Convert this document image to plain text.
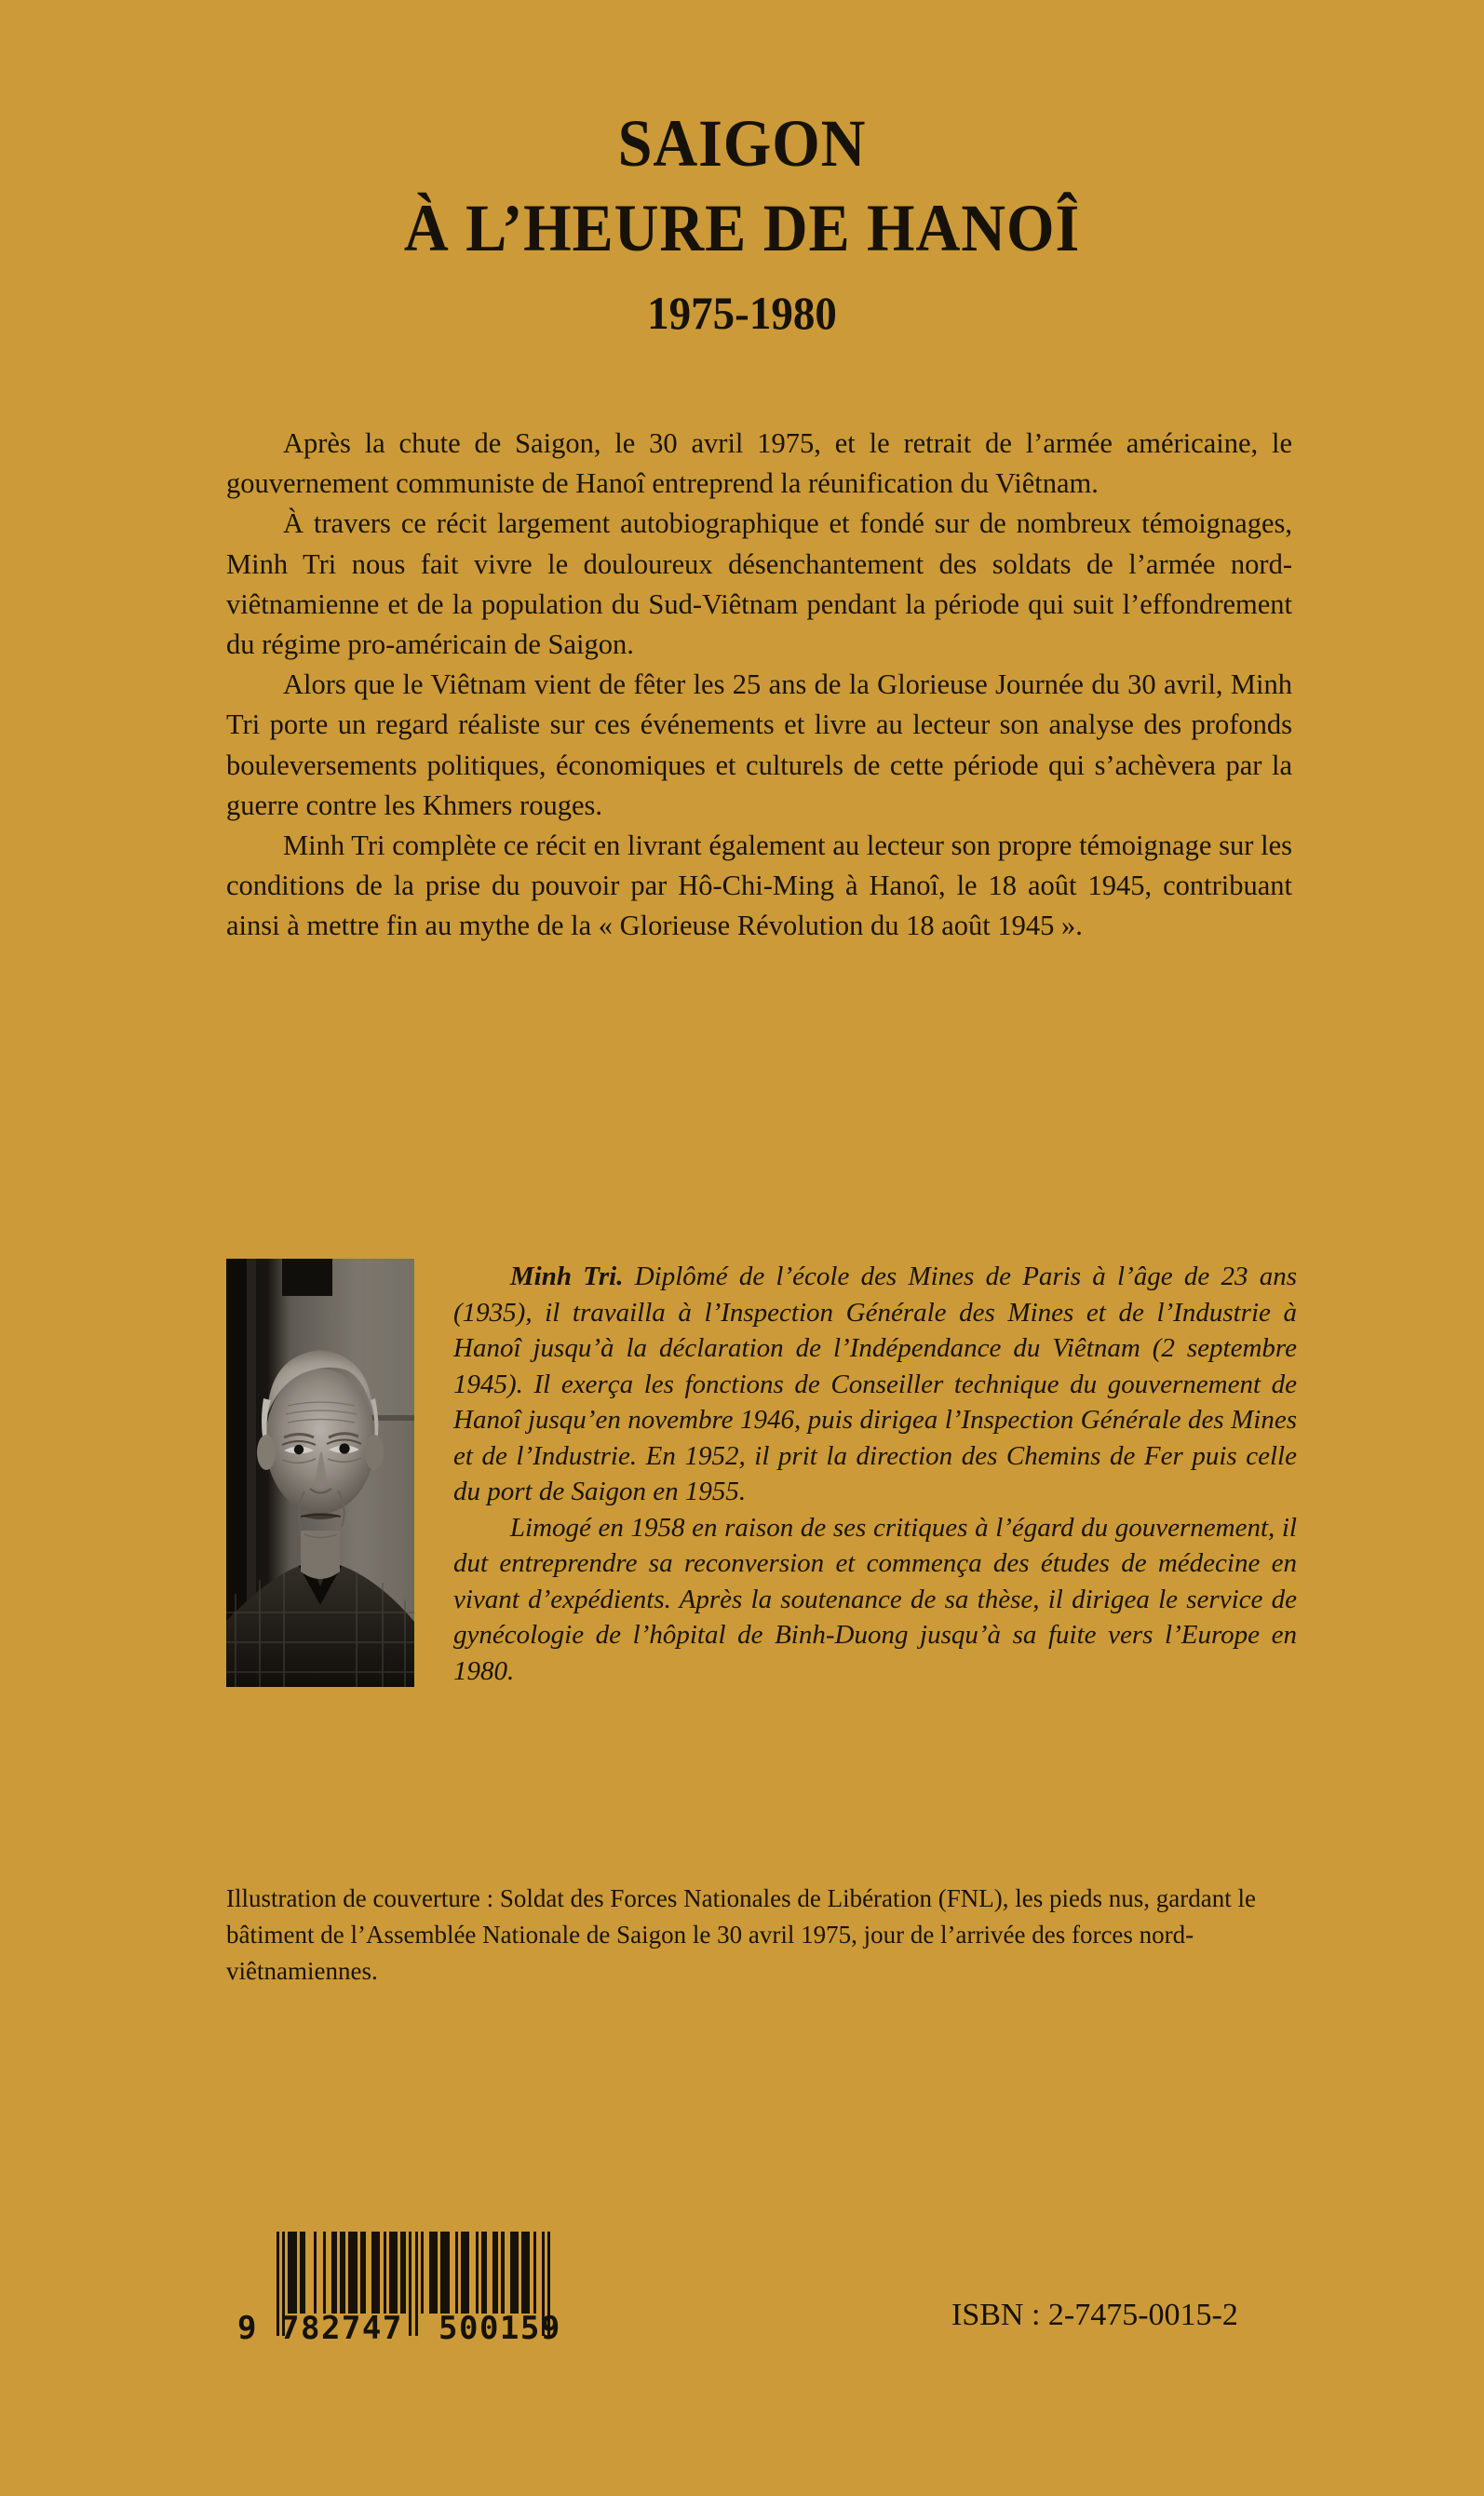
SAIGON
À L’HEURE DE HANOÎ
1975-1980

Après la chute de Saigon, le 30 avril 1975, et le retrait de l’armée américaine, le gouvernement communiste de Hanoî entreprend la réunification du Viêtnam.

À travers ce récit largement autobiographique et fondé sur de nombreux témoignages, Minh Tri nous fait vivre le douloureux désenchantement des soldats de l’armée nord-viêtnamienne et de la population du Sud-Viêtnam pendant la période qui suit l’effondrement du régime pro-américain de Saigon.

Alors que le Viêtnam vient de fêter les 25 ans de la Glorieuse Journée du 30 avril, Minh Tri porte un regard réaliste sur ces événements et livre au lecteur son analyse des profonds bouleversements politiques, économiques et culturels de cette période qui s’achèvera par la guerre contre les Khmers rouges.

Minh Tri complète ce récit en livrant également au lecteur son propre témoignage sur les conditions de la prise du pouvoir par Hô-Chi-Ming à Hanoî, le 18 août 1945, contribuant ainsi à mettre fin au mythe de la « Glorieuse Révolution du 18 août 1945 ».

Minh Tri. Diplômé de l’école des Mines de Paris à l’âge de 23 ans (1935), il travailla à l’Inspection Générale des Mines et de l’Industrie à Hanoî jusqu’à la déclaration de l’Indépendance du Viêtnam (2 septembre 1945). Il exerça les fonctions de Conseiller technique du gouvernement de Hanoî jusqu’en novembre 1946, puis dirigea l’Inspection Générale des Mines et de l’Industrie. En 1952, il prit la direction des Chemins de Fer puis celle du port de Saigon en 1955.

Limogé en 1958 en raison de ses critiques à l’égard du gouvernement, il dut entreprendre sa reconversion et commença des études de médecine en vivant d’expédients. Après la soutenance de sa thèse, il dirigea le service de gynécologie de l’hôpital de Binh-Duong jusqu’à sa fuite vers l’Europe en 1980.

Illustration de couverture : Soldat des Forces Nationales de Libération (FNL), les pieds nus, gardant le bâtiment de l’Assemblée Nationale de Saigon le 30 avril 1975, jour de l’arrivée des forces nord-viêtnamiennes.

9

782747

500159

	ISBN : 2-7475-0015-2
